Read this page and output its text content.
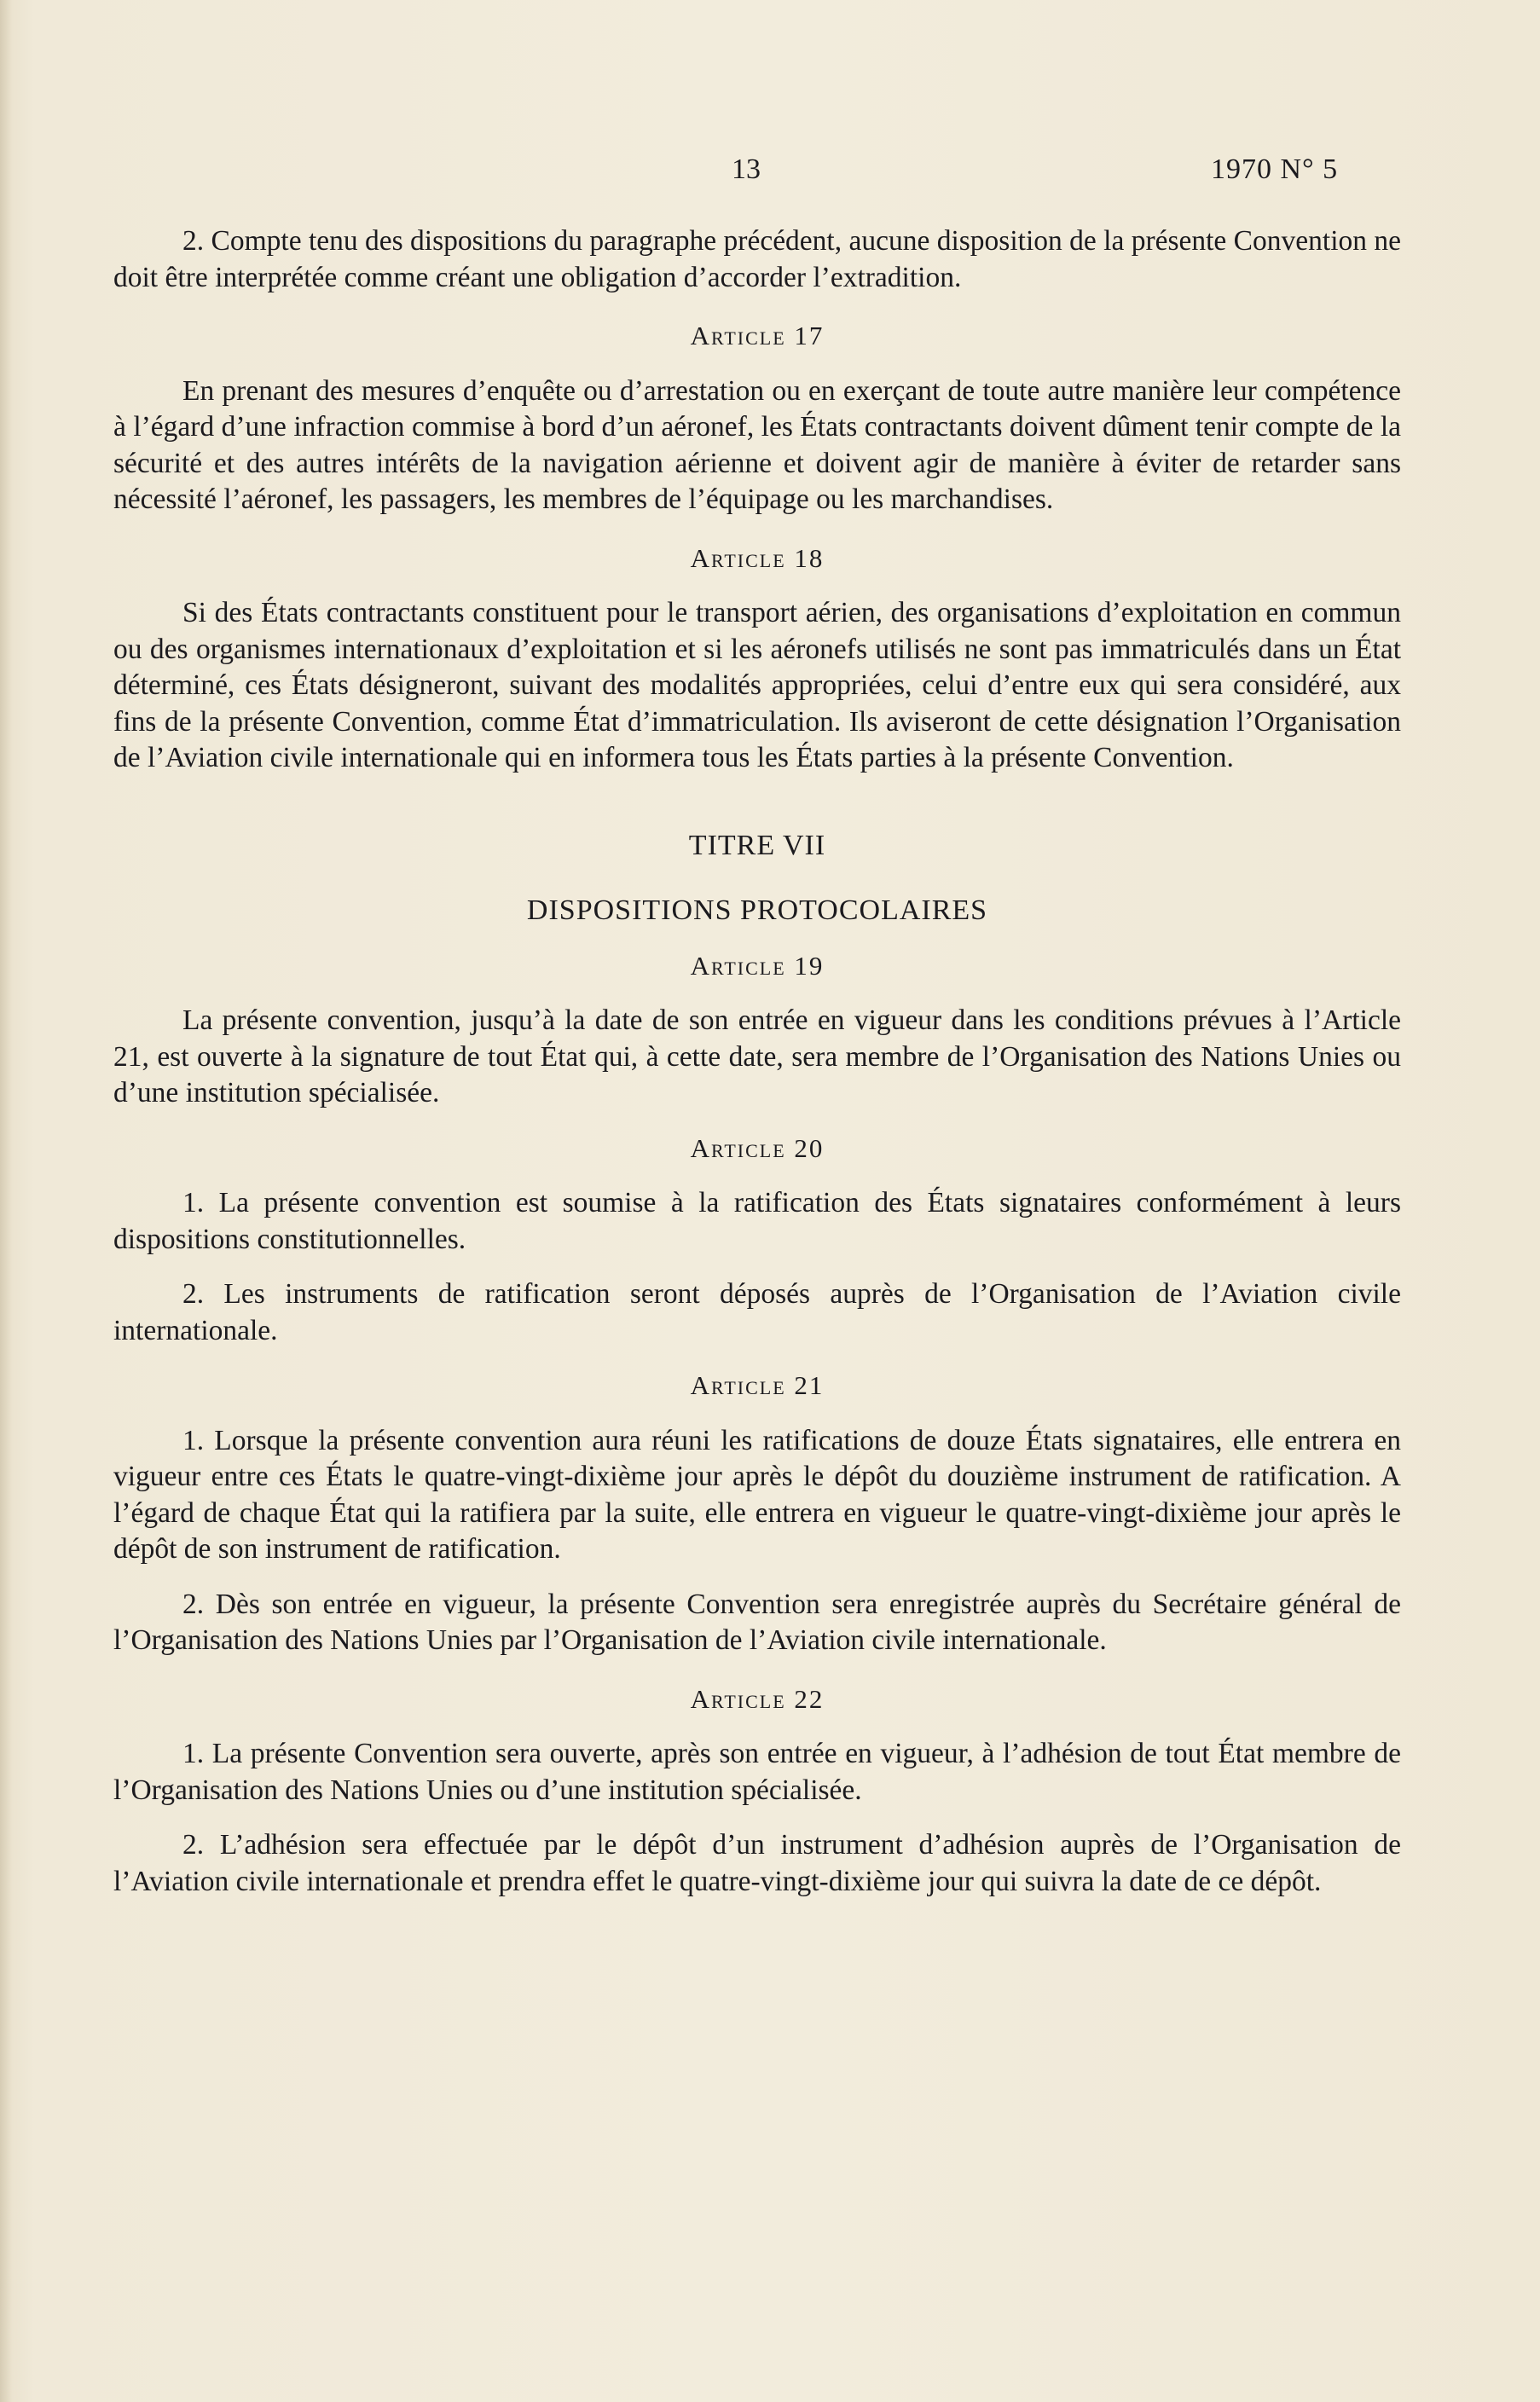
13	1970 N° 5

2. Compte tenu des dispositions du paragraphe précédent, aucune disposition de la présente Convention ne doit être interprétée comme créant une obligation d’accorder l’extradition.

Article 17

En prenant des mesures d’enquête ou d’arrestation ou en exerçant de toute autre manière leur compétence à l’égard d’une infraction commise à bord d’un aéronef, les États contractants doivent dûment tenir compte de la sécurité et des autres intérêts de la navigation aérienne et doivent agir de manière à éviter de retarder sans nécessité l’aéronef, les passagers, les membres de l’équipage ou les marchandises.

Article 18

Si des États contractants constituent pour le transport aérien, des organisations d’exploitation en commun ou des organismes internationaux d’exploitation et si les aéronefs utilisés ne sont pas immatriculés dans un État déterminé, ces États désigneront, suivant des modalités appropriées, celui d’entre eux qui sera considéré, aux fins de la présente Convention, comme État d’immatriculation. Ils aviseront de cette désignation l’Organisation de l’Aviation civile internationale qui en informera tous les États parties à la présente Convention.

TITRE VII
DISPOSITIONS PROTOCOLAIRES
Article 19

La présente convention, jusqu’à la date de son entrée en vigueur dans les conditions prévues à l’Article 21, est ouverte à la signature de tout État qui, à cette date, sera membre de l’Organisation des Nations Unies ou d’une institution spécialisée.

Article 20

1. La présente convention est soumise à la ratification des États signataires conformément à leurs dispositions constitutionnelles.

2. Les instruments de ratification seront déposés auprès de l’Organisation de l’Aviation civile internationale.

Article 21

1. Lorsque la présente convention aura réuni les ratifications de douze États signataires, elle entrera en vigueur entre ces États le quatre-vingt-dixième jour après le dépôt du douzième instrument de ratification. A l’égard de chaque État qui la ratifiera par la suite, elle entrera en vigueur le quatre-vingt-dixième jour après le dépôt de son instrument de ratification.

2. Dès son entrée en vigueur, la présente Convention sera enregistrée auprès du Secrétaire général de l’Organisation des Nations Unies par l’Organisation de l’Aviation civile internationale.

Article 22

1. La présente Convention sera ouverte, après son entrée en vigueur, à l’adhésion de tout État membre de l’Organisation des Nations Unies ou d’une institution spécialisée.

2. L’adhésion sera effectuée par le dépôt d’un instrument d’adhésion auprès de l’Organisation de l’Aviation civile internationale et prendra effet le quatre-vingt-dixième jour qui suivra la date de ce dépôt.
